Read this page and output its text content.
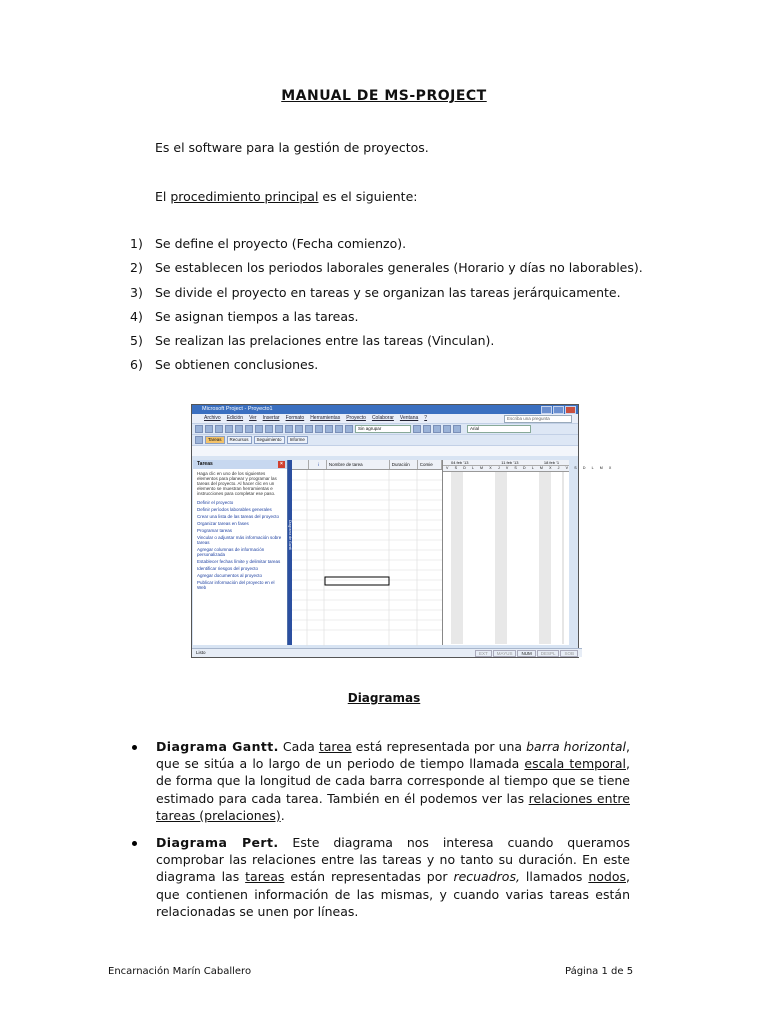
MANUAL DE MS-PROJECT
Es el software para la gestión de proyectos.
El procedimiento principal es el siguiente:
1) Se define el proyecto (Fecha comienzo).
2) Se establecen los periodos laborales generales (Horario y días no laborables).
3) Se divide el proyecto en tareas y se organizan las tareas jerárquicamente.
4) Se asignan tiempos a las tareas.
5) Se realizan las prelaciones entre las tareas (Vinculan).
6) Se obtienen conclusiones.
Microsoft Project - Proyecto1
Archivo Edición Ver Insertar Formato Herramientas Proyecto Colaborar Ventana ?	Escriba una pregunta
Sin agrupar	Arial
Tareas	Recursos	Seguimiento	Informe
Tareas	×
Haga clic en uno de los siguientes elementos para planear y programar las tareas del proyecto. Al hacer clic en un elemento se muestran herramientas e instrucciones para completar ese paso.
Definir el proyecto
Definir períodos laborables generales
Crear una lista de las tareas del proyecto
Organizar tareas en fases
Programar tareas
Vincular o adjuntar más información sobre tareas
Agregar columnas de información personalizada
Establecer fechas límite y delimitar tareas
Identificar riesgos del proyecto
Agregar documentos al proyecto
Publicar información del proyecto en el Web
Diagrama de Gantt
i	Nombre de tarea	Duración	Comie	04 feb '13	11 feb '13	18 feb '1
V S D L M X J V S D L M X J V S D L M X
Listo	EXT	MAYUS	NUM	DESPL	SOB
Diagramas
Diagrama Gantt. Cada tarea está representada por una barra horizontal, que se sitúa a lo largo de un periodo de tiempo llamada escala temporal, de forma que la longitud de cada barra corresponde al tiempo que se tiene estimado para cada tarea. También en él podemos ver las relaciones entre tareas (prelaciones).
Diagrama Pert. Este diagrama nos interesa cuando queramos comprobar las relaciones entre las tareas y no tanto su duración. En este diagrama las tareas están representadas por recuadros, llamados nodos, que contienen información de las mismas, y cuando varias tareas están relacionadas se unen por líneas.
Encarnación Marín Caballero	Página 1 de 5
